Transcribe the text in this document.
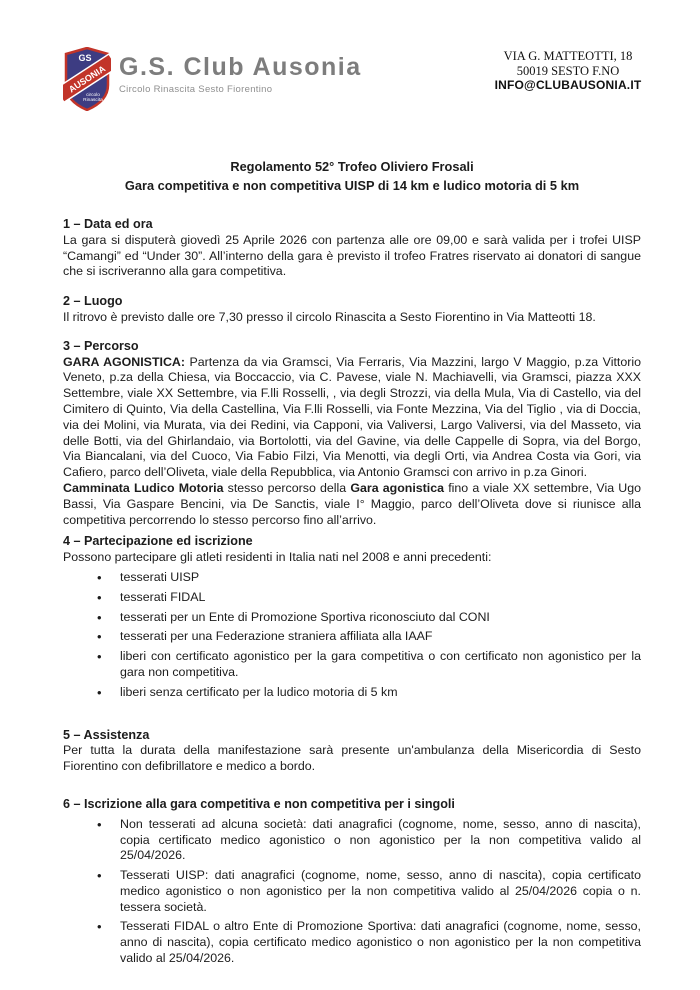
AUSONIA
GS
circolo
Rinascita
G.S. Club Ausonia
Circolo Rinascita Sesto Fiorentino
VIA G. MATTEOTTI, 18
50019 SESTO F.NO
INFO@CLUBAUSONIA.IT
Regolamento 52° Trofeo Oliviero Frosali
Gara competitiva e non competitiva UISP di 14 km e ludico motoria di 5 km
1 – Data ed ora

La gara si disputerà giovedì 25 Aprile 2026 con partenza alle ore 09,00 e sarà valida per i trofei UISP “Camangi” ed “Under 30”. All’interno della gara è previsto il trofeo Fratres riservato ai donatori di sangue che si iscriveranno alla gara competitiva.

2 – Luogo

Il ritrovo è previsto dalle ore 7,30 presso il circolo Rinascita a Sesto Fiorentino in Via Matteotti 18.

3 – Percorso

GARA AGONISTICA: Partenza da via Gramsci, Via Ferraris, Via Mazzini, largo V Maggio, p.za Vittorio Veneto, p.za della Chiesa, via Boccaccio, via C. Pavese, viale N. Machiavelli, via Gramsci, piazza XXX Settembre, viale XX Settembre, via F.lli Rosselli, , via degli Strozzi, via della Mula, Via di Castello, via del Cimitero di Quinto, Via della Castellina, Via F.lli Rosselli, via Fonte Mezzina, Via del Tiglio , via di Doccia, via dei Molini, via Murata, via dei Redini, via Capponi, via Valiversi, Largo Valiversi, via del Masseto, via delle Botti, via del Ghirlandaio, via Bortolotti, via del Gavine, via delle Cappelle di Sopra, via del Borgo, Via Biancalani, via del Cuoco, Via Fabio Filzi, Via Menotti, via degli Orti, via Andrea Costa via Gori, via Cafiero, parco dell’Oliveta, viale della Repubblica, via Antonio Gramsci con arrivo in p.za Ginori.

Camminata Ludico Motoria stesso percorso della Gara agonistica fino a viale XX settembre, Via Ugo Bassi, Via Gaspare Bencini, via De Sanctis, viale I° Maggio, parco dell’Oliveta dove si riunisce alla competitiva percorrendo lo stesso percorso fino all’arrivo.

4 – Partecipazione ed iscrizione

Possono partecipare gli atleti residenti in Italia nati nel 2008 e anni precedenti:

• tesserati UISP
• tesserati FIDAL
• tesserati per un Ente di Promozione Sportiva riconosciuto dal CONI
• tesserati per una Federazione straniera affiliata alla IAAF
• liberi con certificato agonistico per la gara competitiva o con certificato non agonistico per la gara non competitiva.
• liberi senza certificato per la ludico motoria di 5 km
5 – Assistenza

Per tutta la durata della manifestazione sarà presente un'ambulanza della Misericordia di Sesto Fiorentino con defibrillatore e medico a bordo.

6 – Iscrizione alla gara competitiva e non competitiva per i singoli
• Non tesserati ad alcuna società: dati anagrafici (cognome, nome, sesso, anno di nascita), copia certificato medico agonistico o non agonistico per la non competitiva valido al 25/04/2026.
• Tesserati UISP: dati anagrafici (cognome, nome, sesso, anno di nascita), copia certificato medico agonistico o non agonistico per la non competitiva valido al 25/04/2026 copia o n. tessera società.
• Tesserati FIDAL o altro Ente di Promozione Sportiva: dati anagrafici (cognome, nome, sesso, anno di nascita), copia certificato medico agonistico o non agonistico per la non competitiva valido al 25/04/2026.
